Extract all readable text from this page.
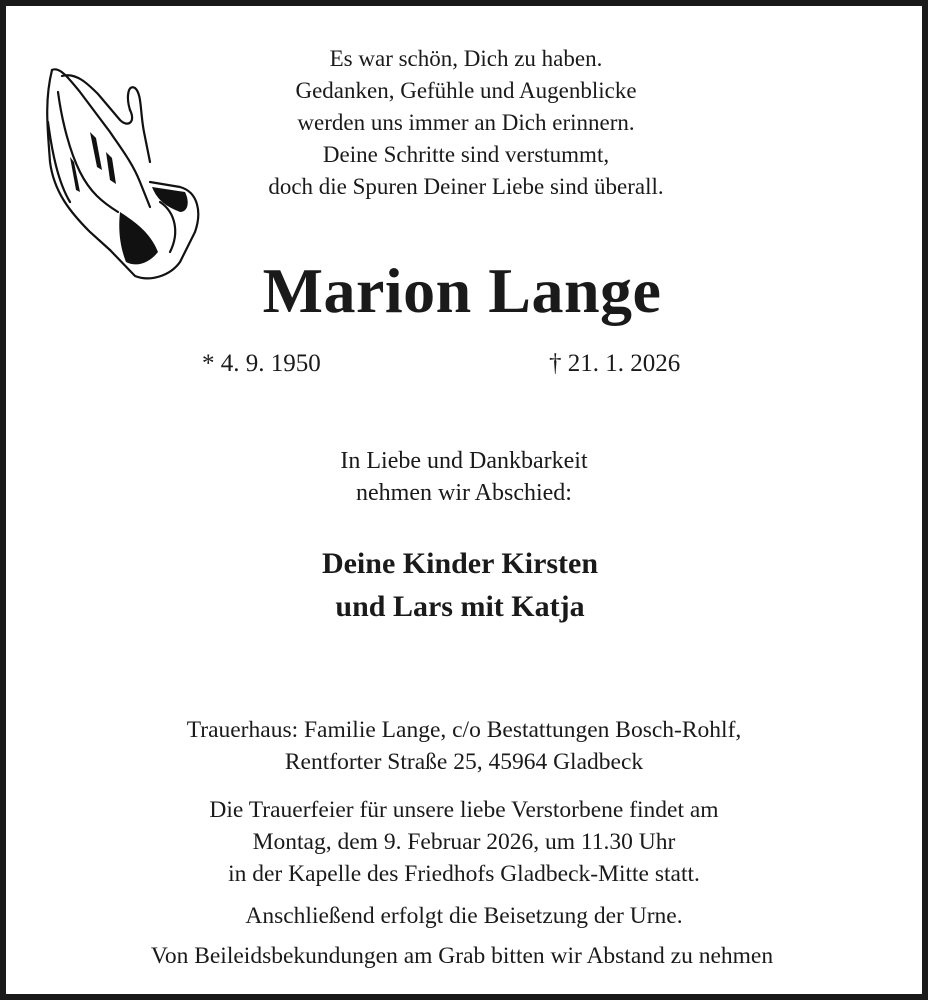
Es war schön, Dich zu haben.
Gedanken, Gefühle und Augenblicke
werden uns immer an Dich erinnern.
Deine Schritte sind verstummt,
doch die Spuren Deiner Liebe sind überall.
Marion Lange
* 4. 9. 1950	† 21. 1. 2026
In Liebe und Dankbarkeit
nehmen wir Abschied:
Deine Kinder Kirsten
und Lars mit Katja
Trauerhaus: Familie Lange, c/o Bestattungen Bosch-Rohlf,
Rentforter Straße 25, 45964 Gladbeck
Die Trauerfeier für unsere liebe Verstorbene findet am
Montag, dem 9. Februar 2026, um 11.30 Uhr
in der Kapelle des Friedhofs Gladbeck-Mitte statt.
Anschließend erfolgt die Beisetzung der Urne.
Von Beileidsbekundungen am Grab bitten wir Abstand zu nehmen
